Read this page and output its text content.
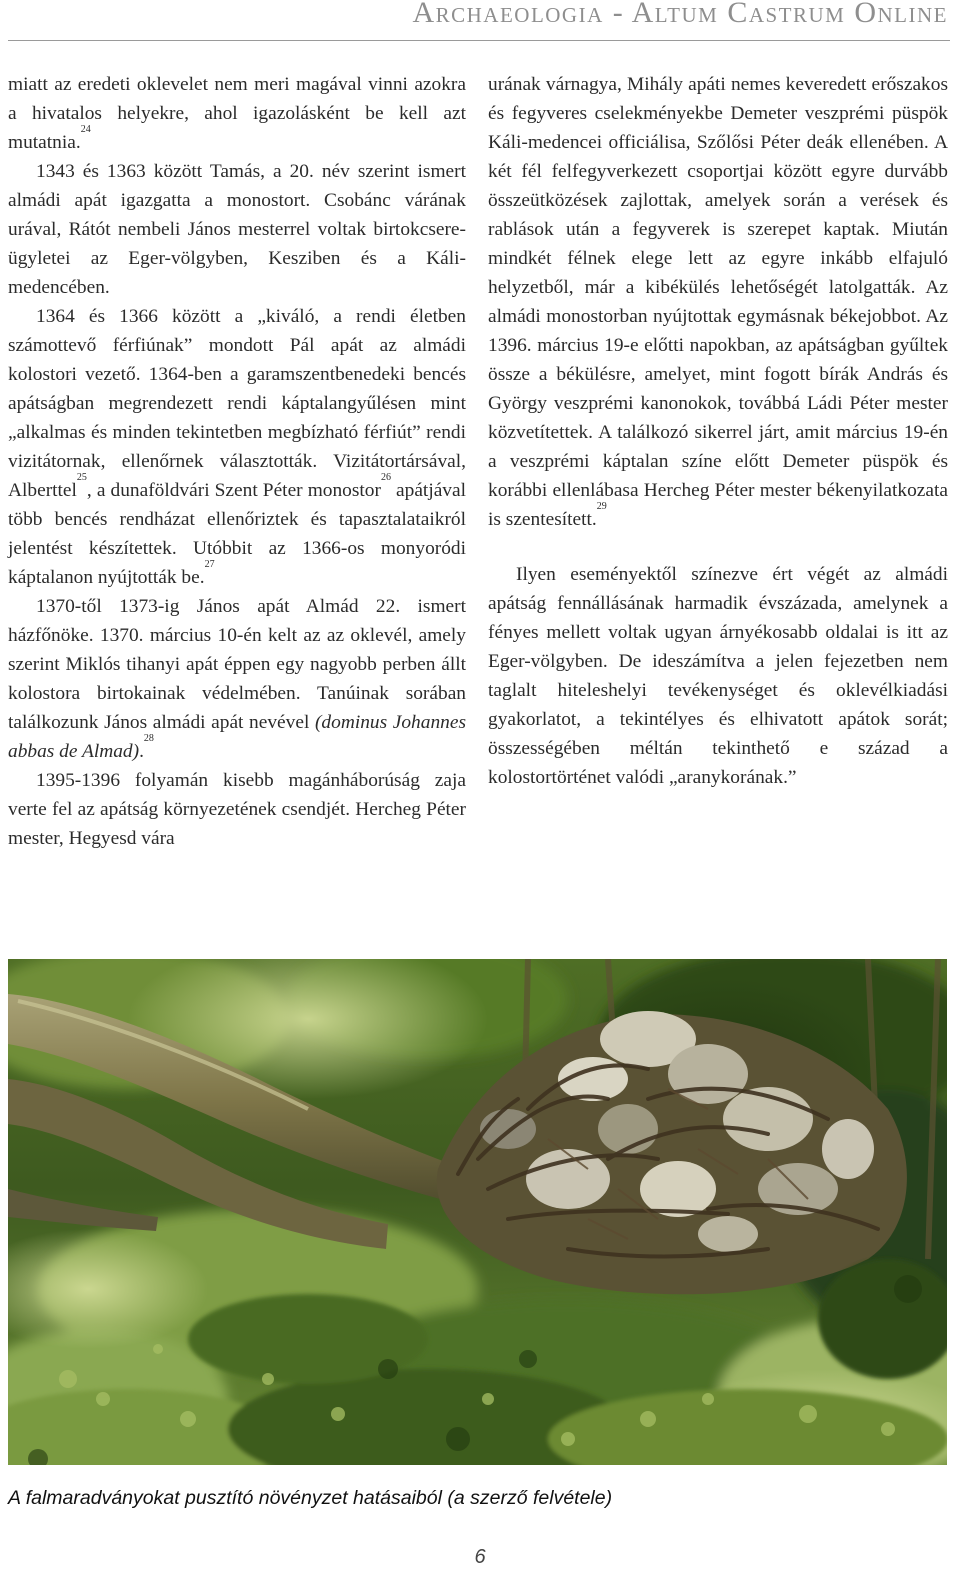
Archaeologia - Altum Castrum Online

miatt az eredeti oklevelet nem meri magával vinni azokra a hivatalos helyekre, ahol igazolásként be kell azt mutatnia.$^{24}$

1343 és 1363 között Tamás, a 20. név szerint ismert almádi apát igazgatta a monostort. Csobánc várának urával, Rátót nembeli János mesterrel voltak birtokcsere-ügyletei az Eger-völgyben, Kesziben és a Káli-medencében.

1364 és 1366 között a „kiváló, a rendi életben számottevő férfiúnak” mondott Pál apát az almádi kolostori vezető. 1364-ben a garamszentbenedeki bencés apátságban megrendezett rendi káptalangyűlésen mint „alkalmas és minden tekintetben megbízható férfiút” rendi vizitátornak, ellenőrnek választották. Vizitátortársával, Alberttel$^{25}$, a dunaföldvári Szent Péter monostor$^{26}$ apátjával több bencés rendházat ellenőriztek és tapasztalataikról jelentést készítettek. Utóbbit az 1366-os monyoródi káptalanon nyújtották be.$^{27}$

1370-től 1373-ig János apát Almád 22. ismert házfőnöke. 1370. március 10-én kelt az az oklevél, amely szerint Miklós tihanyi apát éppen egy nagyobb perben állt kolostora birtokainak védelmében. Tanúinak sorában találkozunk János almádi apát nevével (dominus Johannes abbas de Almad).$^{28}$

1395-1396 folyamán kisebb magánháborúság zaja verte fel az apátság környezetének csendjét. Hercheg Péter mester, Hegyesd vára

urának várnagya, Mihály apáti nemes keveredett erőszakos és fegyveres cselekményekbe Demeter veszprémi püspök Káli-medencei officiálisa, Szőlősi Péter deák ellenében. A két fél felfegyverkezett csoportjai között egyre durvább összeütközések zajlottak, amelyek során a verések és rablások után a fegyverek is szerepet kaptak. Miután mindkét félnek elege lett az egyre inkább elfajuló helyzetből, már a kibékülés lehetőségét latolgatták. Az almádi monostorban nyújtottak egymásnak békejobbot. Az 1396. március 19-e előtti napokban, az apátságban gyűltek össze a békülésre, amelyet, mint fogott bírák András és György veszprémi kanonokok, továbbá Ládi Péter mester közvetítettek. A találkozó sikerrel járt, amit március 19-én a veszprémi káptalan színe előtt Demeter püspök és korábbi ellenlábasa Hercheg Péter mester békenyilatkozata is szentesített.$^{29}$

Ilyen eseményektől színezve ért végét az almádi apátság fennállásának harmadik évszázada, amelynek a fényes mellett voltak ugyan árnyékosabb oldalai is itt az Eger-völgyben. De ideszámítva a jelen fejezetben nem taglalt hiteleshelyi tevékenységet és oklevélkiadási gyakorlatot, a tekintélyes és elhivatott apátok sorát; összességében méltán tekinthető e század a kolostortörténet valódi „aranykorának.”

A falmaradványokat pusztító növényzet hatásaiból (a szerző felvétele)

6
